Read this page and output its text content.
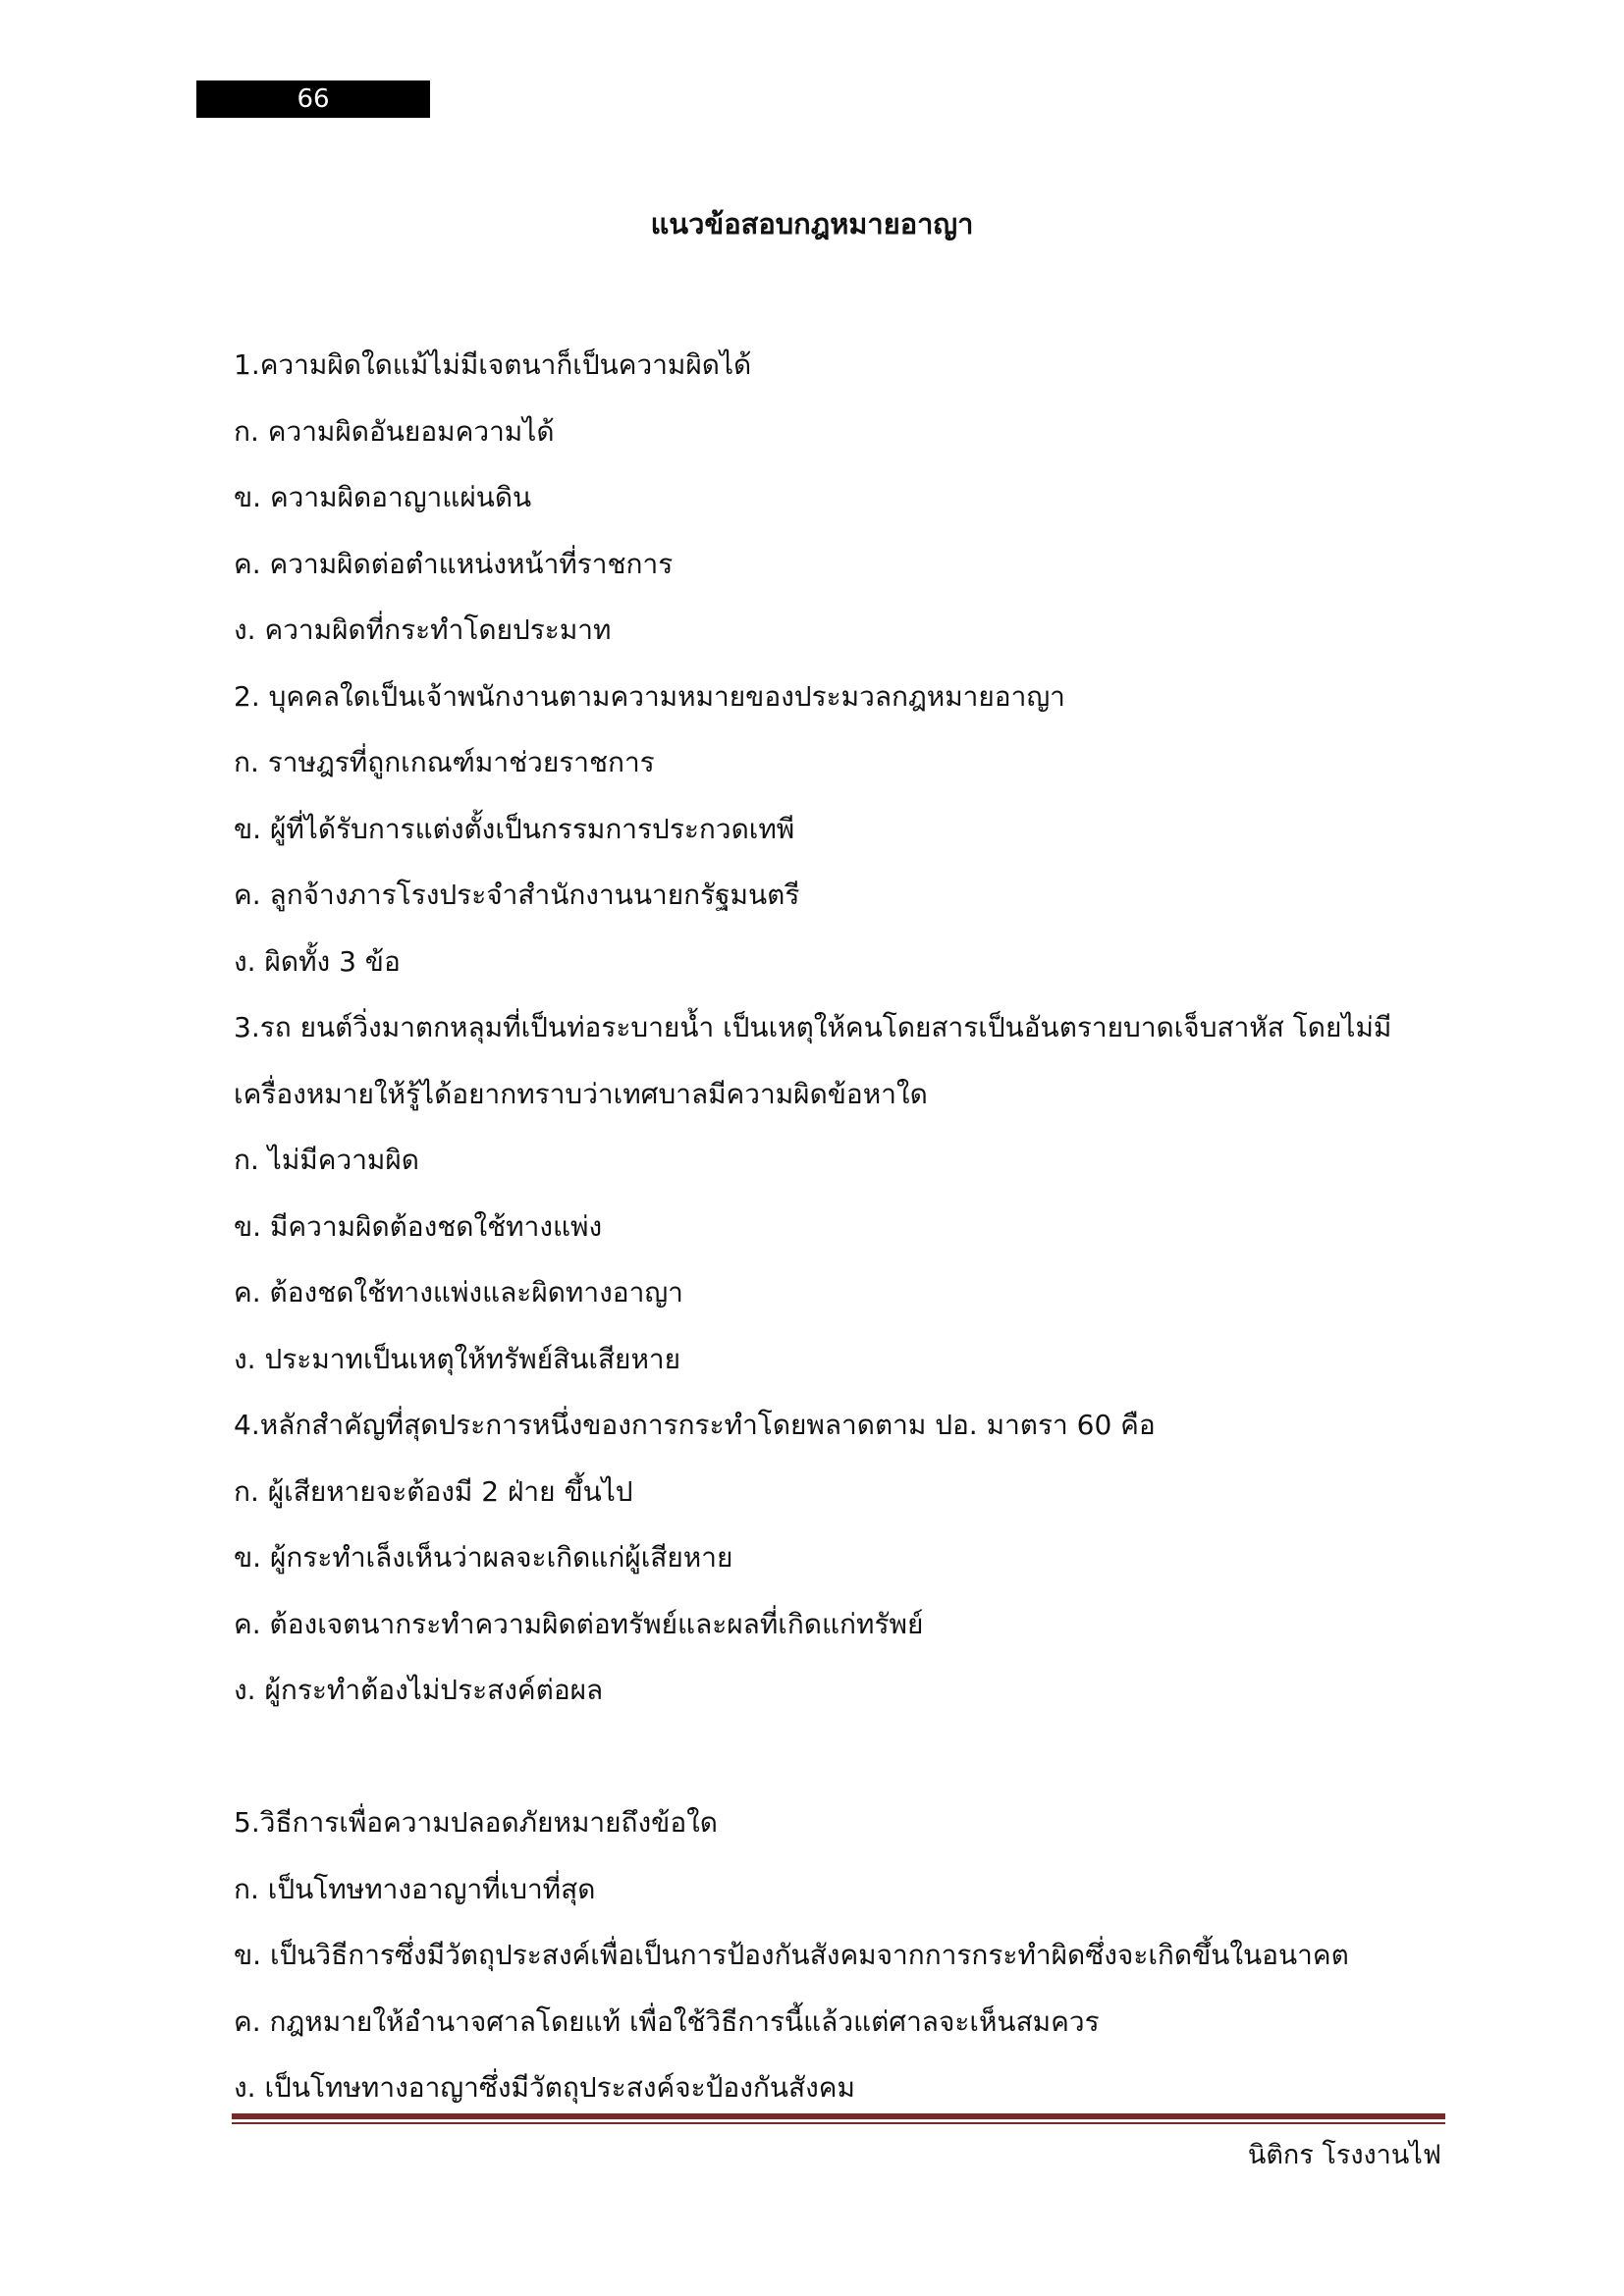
66
แนวข้อสอบกฎหมายอาญา
1.ความผิดใดแม้ไม่มีเจตนาก็เป็นความผิดได้
ก. ความผิดอันยอมความได้
ข. ความผิดอาญาแผ่นดิน
ค. ความผิดต่อตำแหน่งหน้าที่ราชการ
ง. ความผิดที่กระทำโดยประมาท
2. บุคคลใดเป็นเจ้าพนักงานตามความหมายของประมวลกฎหมายอาญา
ก. ราษฎรที่ถูกเกณฑ์มาช่วยราชการ
ข. ผู้ที่ได้รับการแต่งตั้งเป็นกรรมการประกวดเทพี
ค. ลูกจ้างภารโรงประจำสำนักงานนายกรัฐมนตรี
ง. ผิดทั้ง 3 ข้อ
3.รถ ยนต์วิ่งมาตกหลุมที่เป็นท่อระบายน้ำ เป็นเหตุให้คนโดยสารเป็นอันตรายบาดเจ็บสาหัส โดยไม่มี
เครื่องหมายให้รู้ได้อยากทราบว่าเทศบาลมีความผิดข้อหาใด
ก. ไม่มีความผิด
ข. มีความผิดต้องชดใช้ทางแพ่ง
ค. ต้องชดใช้ทางแพ่งและผิดทางอาญา
ง. ประมาทเป็นเหตุให้ทรัพย์สินเสียหาย
4.หลักสำคัญที่สุดประการหนึ่งของการกระทำโดยพลาดตาม ปอ. มาตรา 60 คือ
ก. ผู้เสียหายจะต้องมี 2 ฝ่าย ขึ้นไป
ข. ผู้กระทำเล็งเห็นว่าผลจะเกิดแก่ผู้เสียหาย
ค. ต้องเจตนากระทำความผิดต่อทรัพย์และผลที่เกิดแก่ทรัพย์
ง. ผู้กระทำต้องไม่ประสงค์ต่อผล
5.วิธีการเพื่อความปลอดภัยหมายถึงข้อใด
ก. เป็นโทษทางอาญาที่เบาที่สุด
ข. เป็นวิธีการซึ่งมีวัตถุประสงค์เพื่อเป็นการป้องกันสังคมจากการกระทำผิดซึ่งจะเกิดขึ้นในอนาคต
ค. กฎหมายให้อำนาจศาลโดยแท้ เพื่อใช้วิธีการนี้แล้วแต่ศาลจะเห็นสมควร
ง. เป็นโทษทางอาญาซึ่งมีวัตถุประสงค์จะป้องกันสังคม
นิติกร โรงงานไฟ
